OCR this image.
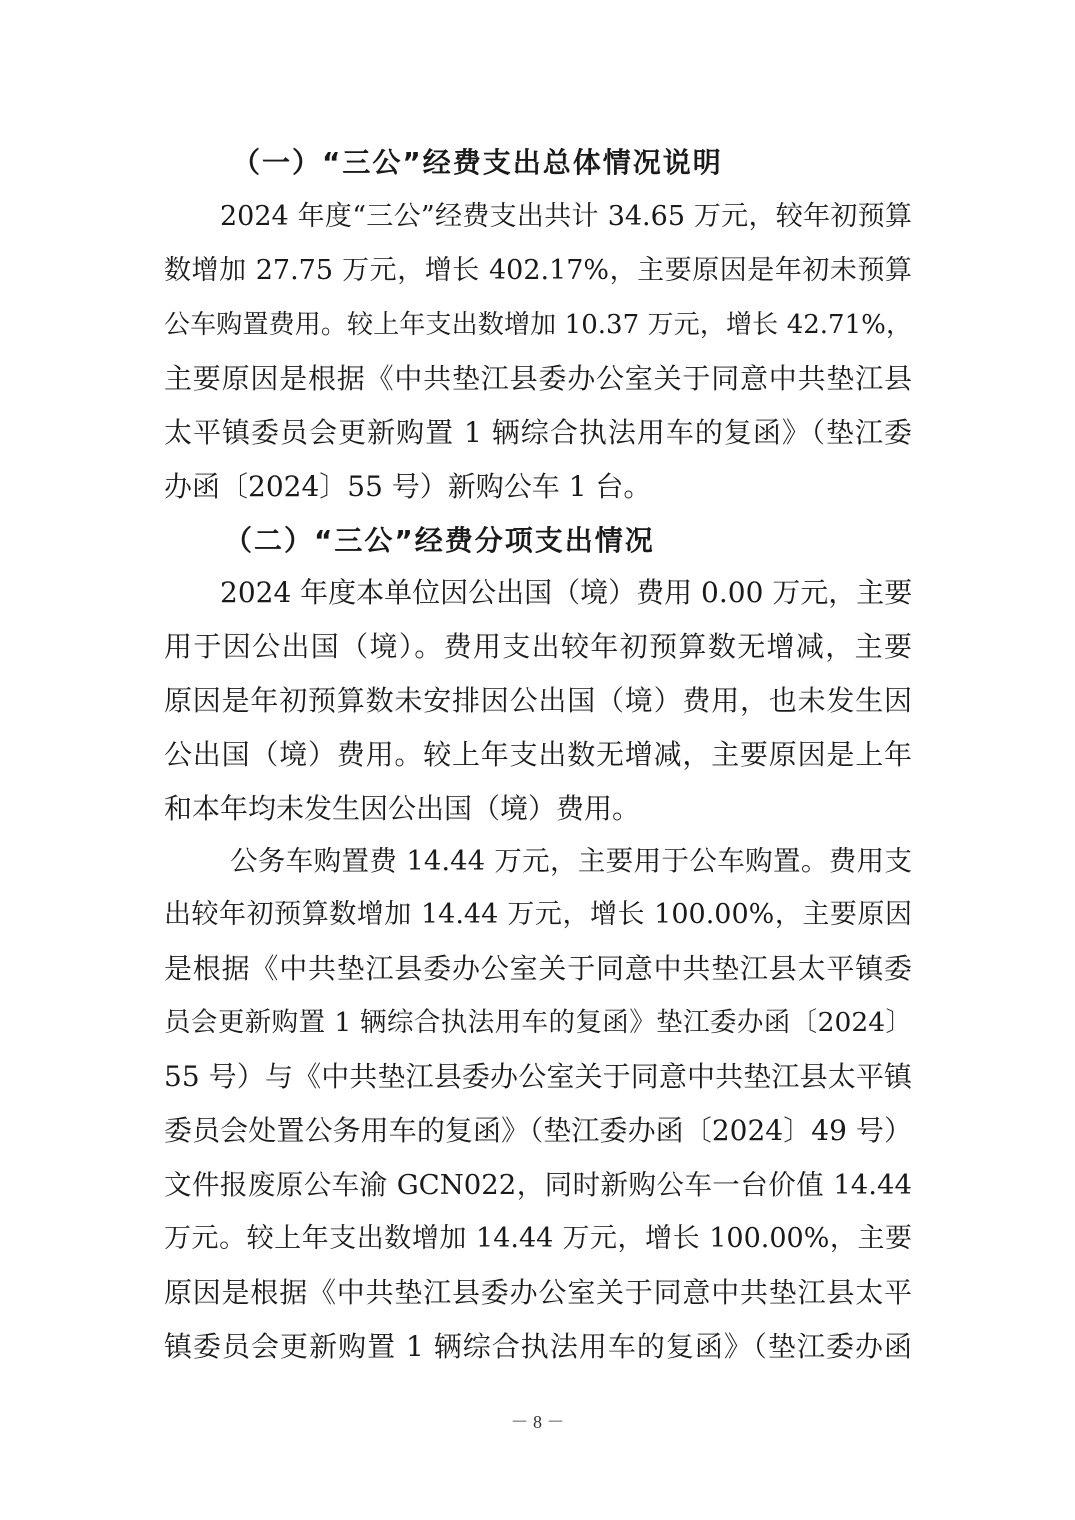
（一）“三公”经费支出总体情况说明
2024 年度“三公”经费支出共计 34.65 万元，较年初预算
数增加 27.75 万元，增长 402.17%，主要原因是年初未预算
公车购置费用。较上年支出数增加 10.37 万元，增长 42.71%，
主要原因是根据《中共垫江县委办公室关于同意中共垫江县
太平镇委员会更新购置 1 辆综合执法用车的复函》（垫江委
办函〔2024〕55 号）新购公车 1 台。
（二）“三公”经费分项支出情况
2024 年度本单位因公出国（境）费用 0.00 万元，主要
用于因公出国（境）。费用支出较年初预算数无增减，主要
原因是年初预算数未安排因公出国（境）费用，也未发生因
公出国（境）费用。较上年支出数无增减，主要原因是上年
和本年均未发生因公出国（境）费用。
公务车购置费 14.44 万元，主要用于公车购置。费用支
出较年初预算数增加 14.44 万元，增长 100.00%，主要原因
是根据《中共垫江县委办公室关于同意中共垫江县太平镇委
员会更新购置 1 辆综合执法用车的复函》垫江委办函〔2024〕
55 号）与《中共垫江县委办公室关于同意中共垫江县太平镇
委员会处置公务用车的复函》（垫江委办函〔2024〕49 号）
文件报废原公车渝 GCN022，同时新购公车一台价值 14.44
万元。较上年支出数增加 14.44 万元，增长 100.00%，主要
原因是根据《中共垫江县委办公室关于同意中共垫江县太平
镇委员会更新购置 1 辆综合执法用车的复函》（垫江委办函
－ 8 －
